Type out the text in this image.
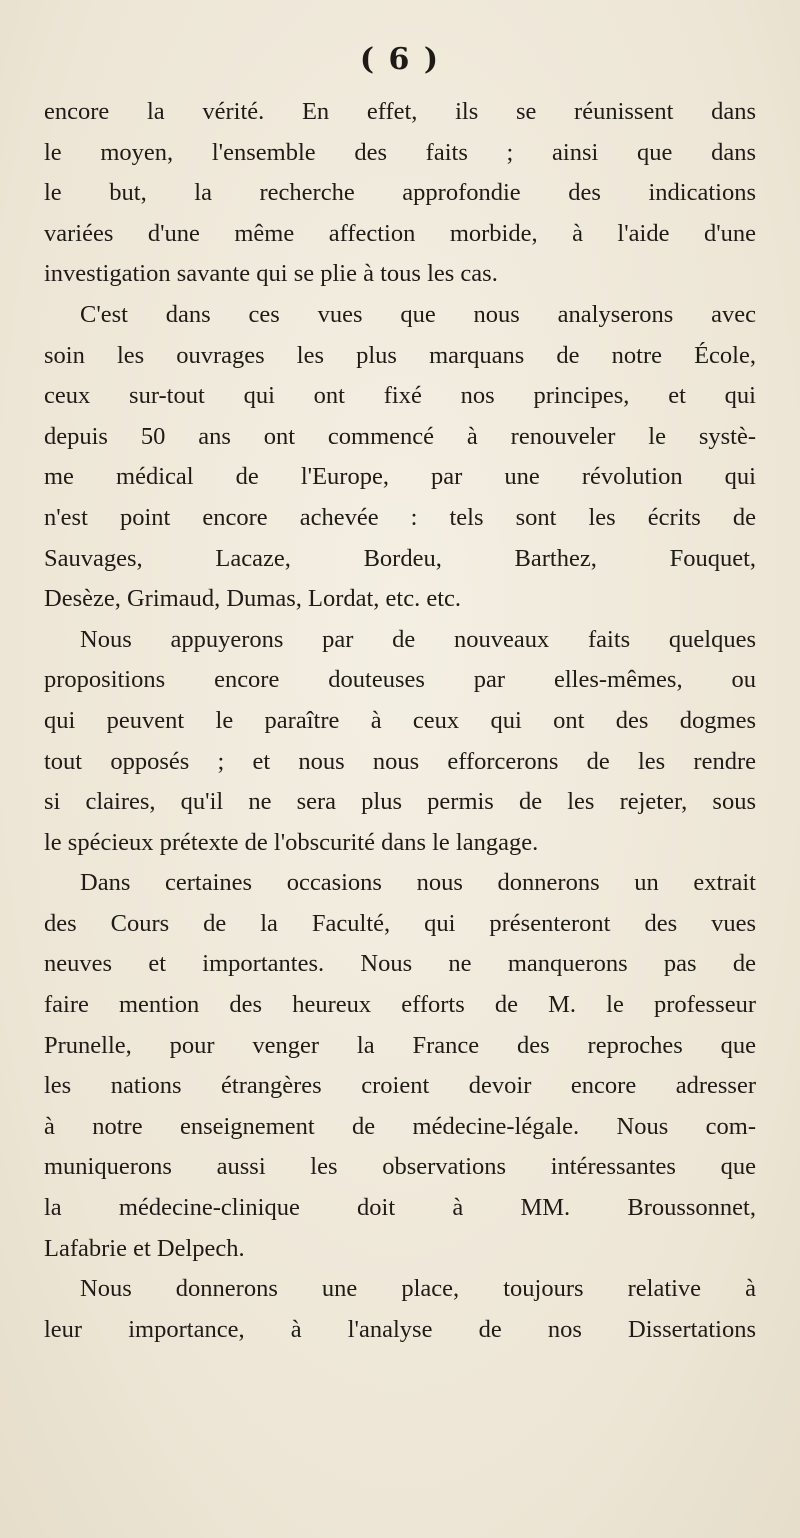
( 6 )
encore la vérité. En effet, ils se réunissent dans
le moyen, l'ensemble des faits ; ainsi que dans
le but, la recherche approfondie des indications
variées d'une même affection morbide, à l'aide d'une
investigation savante qui se plie à tous les cas.
C'est dans ces vues que nous analyserons avec
soin les ouvrages les plus marquans de notre École,
ceux sur-tout qui ont fixé nos principes, et qui
depuis 50 ans ont commencé à renouveler le systè-
me médical de l'Europe, par une révolution qui
n'est point encore achevée : tels sont les écrits de
Sauvages, Lacaze, Bordeu, Barthez, Fouquet,
Desèze, Grimaud, Dumas, Lordat, etc. etc.
Nous appuyerons par de nouveaux faits quelques
propositions encore douteuses par elles-mêmes, ou
qui peuvent le paraître à ceux qui ont des dogmes
tout opposés ; et nous nous efforcerons de les rendre
si claires, qu'il ne sera plus permis de les rejeter, sous
le spécieux prétexte de l'obscurité dans le langage.
Dans certaines occasions nous donnerons un extrait
des Cours de la Faculté, qui présenteront des vues
neuves et importantes. Nous ne manquerons pas de
faire mention des heureux efforts de M. le professeur
Prunelle, pour venger la France des reproches que
les nations étrangères croient devoir encore adresser
à notre enseignement de médecine-légale. Nous com-
muniquerons aussi les observations intéressantes que
la médecine-clinique doit à MM. Broussonnet,
Lafabrie et Delpech.
Nous donnerons une place, toujours relative à
leur importance, à l'analyse de nos Dissertations
